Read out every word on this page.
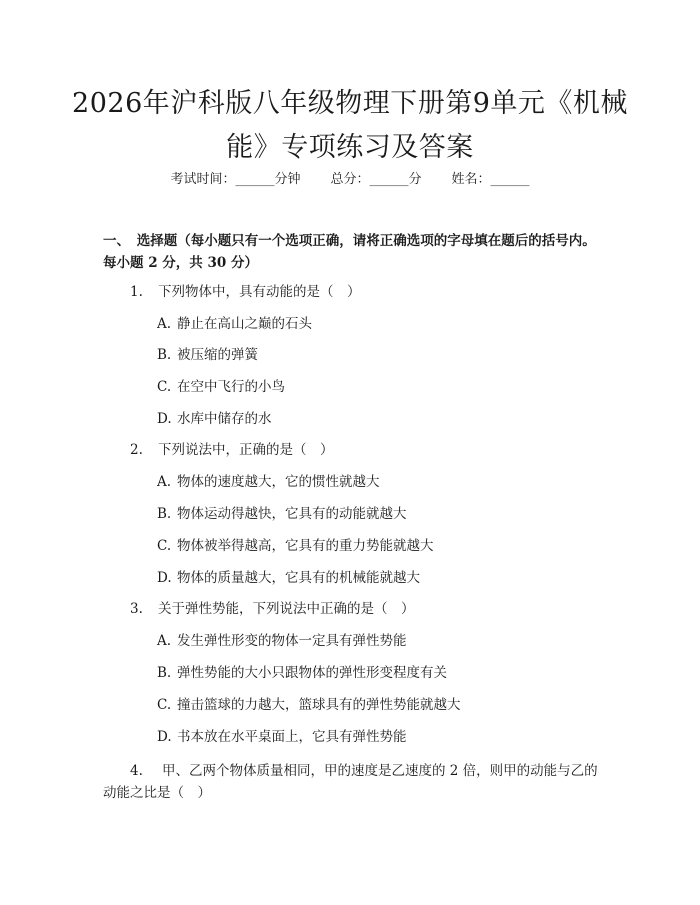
2026年沪科版八年级物理下册第9单元《机械能》专项练习及答案
考试时间：______分钟 总分：______分 姓名：______
一、　选择题（每小题只有一个选项正确，请将正确选项的字母填在题后的括号内。每小题 2 分，共 30 分）
1. 下列物体中，具有动能的是（　）
A. 静止在高山之巅的石头
B. 被压缩的弹簧
C. 在空中飞行的小鸟
D. 水库中储存的水
2. 下列说法中，正确的是（　）
A. 物体的速度越大，它的惯性就越大
B. 物体运动得越快，它具有的动能就越大
C. 物体被举得越高，它具有的重力势能就越大
D. 物体的质量越大，它具有的机械能就越大
3. 关于弹性势能，下列说法中正确的是（　）
A. 发生弹性形变的物体一定具有弹性势能
B. 弹性势能的大小只跟物体的弹性形变程度有关
C. 撞击篮球的力越大，篮球具有的弹性势能就越大
D. 书本放在水平桌面上，它具有弹性势能
4. 甲、乙两个物体质量相同，甲的速度是乙速度的 2 倍，则甲的动能与乙的动能之比是（　）
